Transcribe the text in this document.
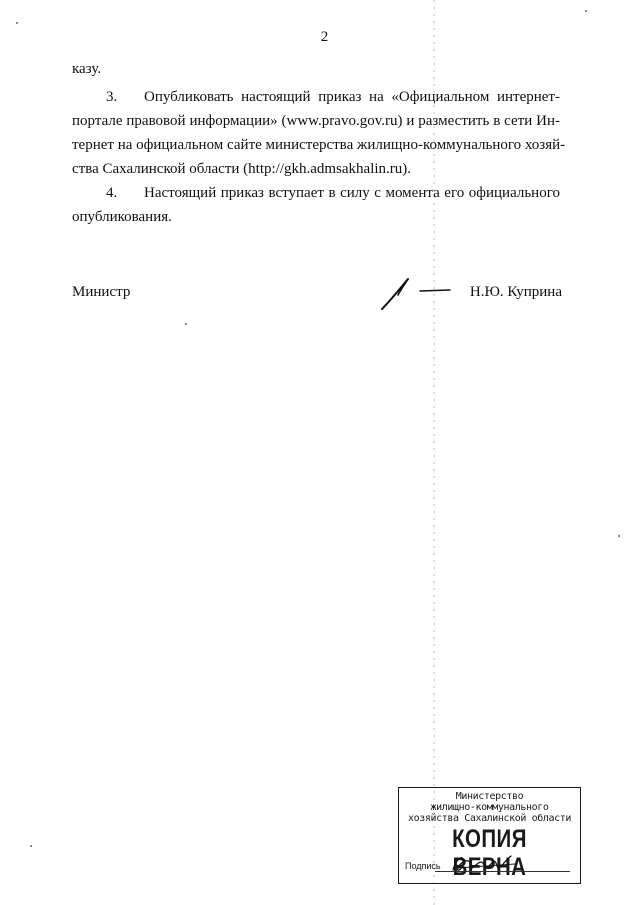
2
казу.
3. Опубликовать настоящий приказ на «Официальном интернет-
портале правовой информации» (www.pravo.gov.ru) и разместить в сети Ин-
тернет на официальном сайте министерства жилищно-коммунального хозяй-
ства Сахалинской области (http://gkh.admsakhalin.ru).
4. Настоящий приказ вступает в силу с момента его официального
опубликования.
Министр	Н.Ю. Куприна
Министерство
жилищно-коммунального
хозяйства Сахалинской области
КОПИЯ ВЕРНА
Подпись
